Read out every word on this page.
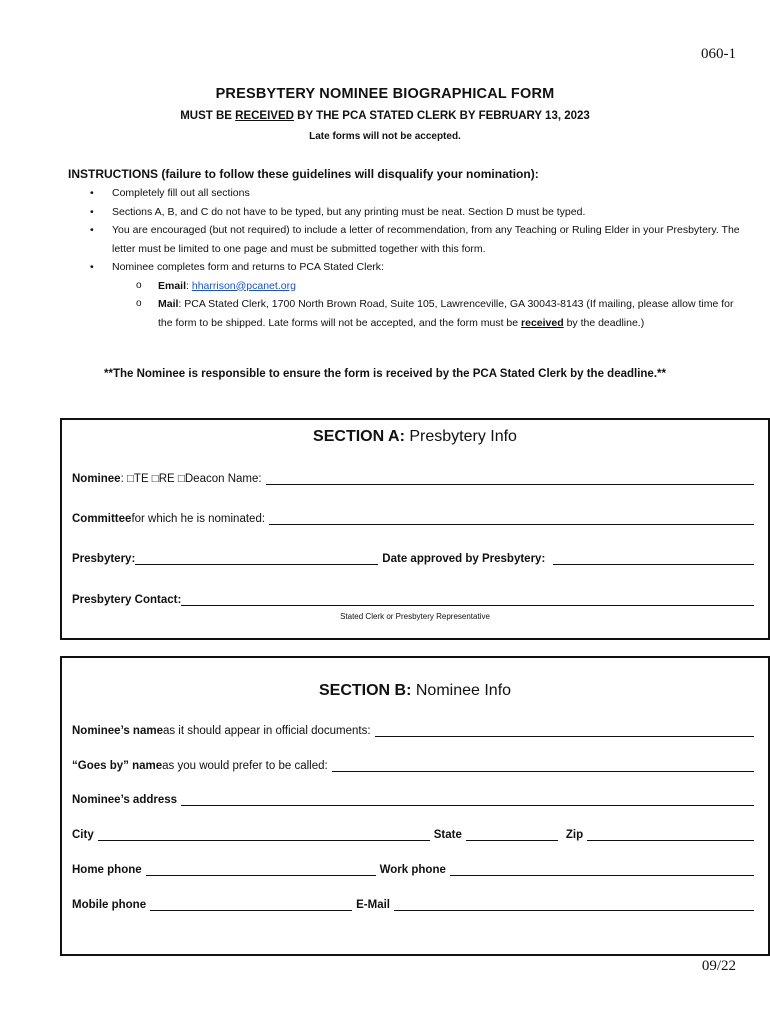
060-1
PRESBYTERY NOMINEE BIOGRAPHICAL FORM
MUST BE RECEIVED BY THE PCA STATED CLERK BY FEBRUARY 13, 2023
Late forms will not be accepted.
INSTRUCTIONS (failure to follow these guidelines will disqualify your nomination):
• Completely fill out all sections
• Sections A, B, and C do not have to be typed, but any printing must be neat. Section D must be typed.
• You are encouraged (but not required) to include a letter of recommendation, from any Teaching or Ruling Elder in your Presbytery. The letter must be limited to one page and must be submitted together with this form.
• Nominee completes form and returns to PCA Stated Clerk:
o Email: hharrison@pcanet.org
o Mail: PCA Stated Clerk, 1700 North Brown Road, Suite 105, Lawrenceville, GA 30043-8143 (If mailing, please allow time for the form to be shipped. Late forms will not be accepted, and the form must be received by the deadline.)
**The Nominee is responsible to ensure the form is received by the PCA Stated Clerk by the deadline.**
SECTION A: Presbytery Info
Nominee : □TE □RE □Deacon Name:
Committee for which he is nominated:
Presbytery:	Date approved by Presbytery:
Presbytery Contact:
Stated Clerk or Presbytery Representative
SECTION B: Nominee Info
Nominee’s name as it should appear in official documents:
“Goes by” name as you would prefer to be called:
Nominee’s address
City	State	Zip
Home phone	Work phone
Mobile phone	E-Mail
09/22
